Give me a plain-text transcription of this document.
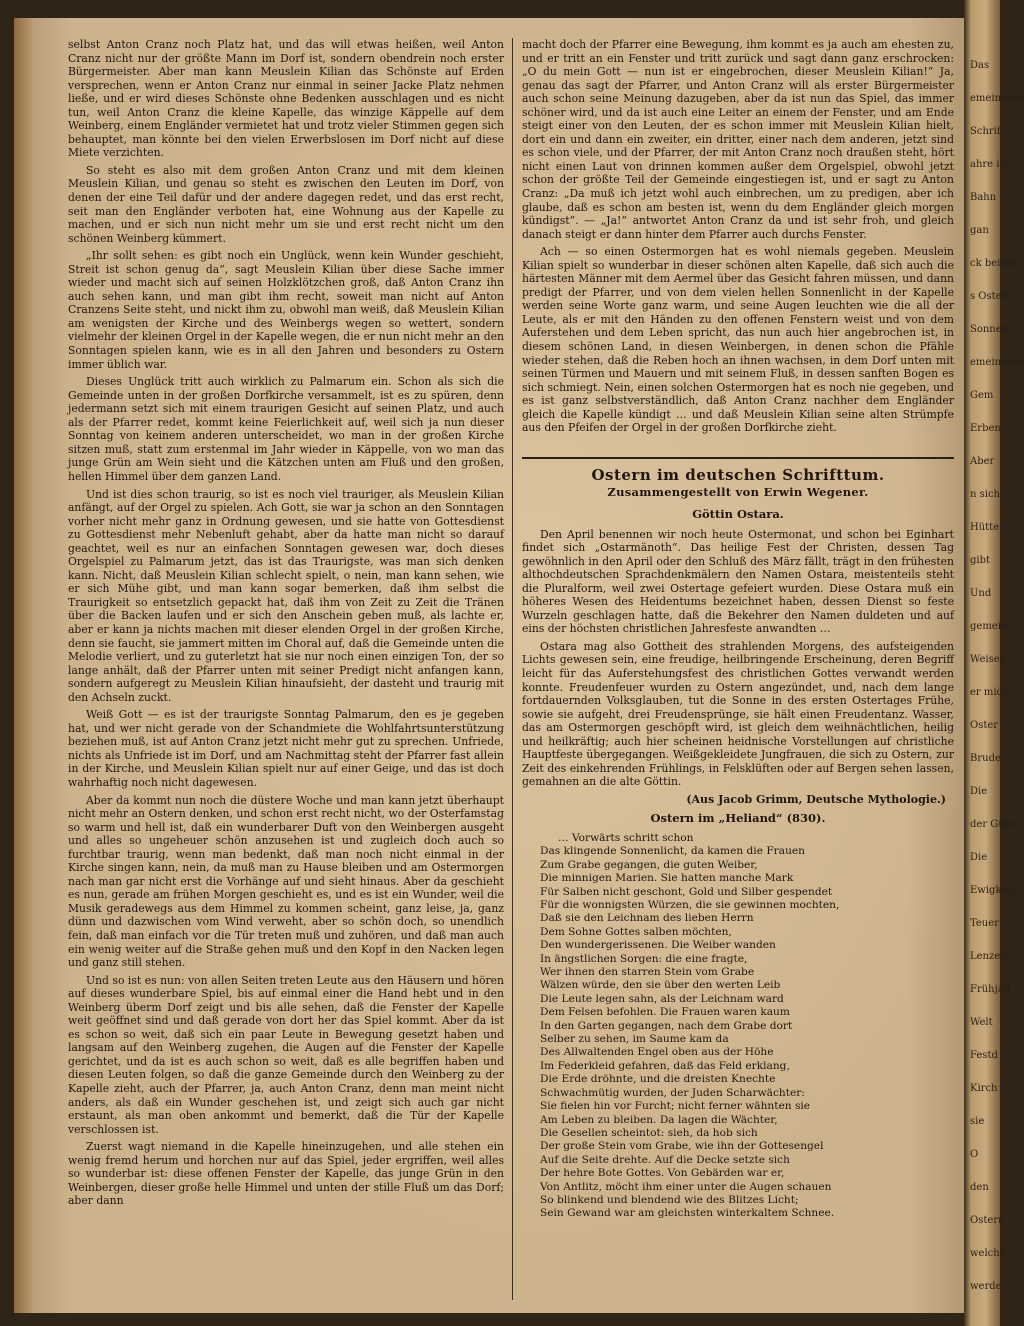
selbst Anton Cranz noch Platz hat, und das will etwas heißen, weil Anton Cranz nicht nur der größte Mann im Dorf ist, sondern obendrein noch erster Bürgermeister. Aber man kann Meuslein Kilian das Schönste auf Erden versprechen, wenn er Anton Cranz nur einmal in seiner Jacke Platz nehmen ließe, und er wird dieses Schönste ohne Bedenken ausschlagen und es nicht tun, weil Anton Cranz die kleine Kapelle, das winzige Käppelle auf dem Weinberg, einem Engländer vermietet hat und trotz vieler Stimmen gegen sich behauptet, man könnte bei den vielen Erwerbslosen im Dorf nicht auf diese Miete verzichten.

So steht es also mit dem großen Anton Cranz und mit dem kleinen Meuslein Kilian, und genau so steht es zwischen den Leuten im Dorf, von denen der eine Teil dafür und der andere dagegen redet, und das erst recht, seit man den Engländer verboten hat, eine Wohnung aus der Kapelle zu machen, und er sich nun nicht mehr um sie und erst recht nicht um den schönen Weinberg kümmert.

„Ihr sollt sehen: es gibt noch ein Unglück, wenn kein Wunder geschieht, Streit ist schon genug da“, sagt Meuslein Kilian über diese Sache immer wieder und macht sich auf seinen Holzklötzchen groß, daß Anton Cranz ihn auch sehen kann, und man gibt ihm recht, soweit man nicht auf Anton Cranzens Seite steht, und nickt ihm zu, obwohl man weiß, daß Meuslein Kilian am wenigsten der Kirche und des Weinbergs wegen so wettert, sondern vielmehr der kleinen Orgel in der Kapelle wegen, die er nun nicht mehr an den Sonntagen spielen kann, wie es in all den Jahren und besonders zu Ostern immer üblich war.

Dieses Unglück tritt auch wirklich zu Palmarum ein. Schon als sich die Gemeinde unten in der großen Dorfkirche versammelt, ist es zu spüren, denn jedermann setzt sich mit einem traurigen Gesicht auf seinen Platz, und auch als der Pfarrer redet, kommt keine Feierlichkeit auf, weil sich ja nun dieser Sonntag von keinem anderen unterscheidet, wo man in der großen Kirche sitzen muß, statt zum erstenmal im Jahr wieder in Käppelle, von wo man das junge Grün am Wein sieht und die Kätzchen unten am Fluß und den großen, hellen Himmel über dem ganzen Land.

Und ist dies schon traurig, so ist es noch viel trauriger, als Meuslein Kilian anfängt, auf der Orgel zu spielen. Ach Gott, sie war ja schon an den Sonntagen vorher nicht mehr ganz in Ordnung gewesen, und sie hatte von Gottesdienst zu Gottesdienst mehr Nebenluft gehabt, aber da hatte man nicht so darauf geachtet, weil es nur an einfachen Sonntagen gewesen war, doch dieses Orgelspiel zu Palmarum jetzt, das ist das Traurigste, was man sich denken kann. Nicht, daß Meuslein Kilian schlecht spielt, o nein, man kann sehen, wie er sich Mühe gibt, und man kann sogar bemerken, daß ihm selbst die Traurigkeit so entsetzlich gepackt hat, daß ihm von Zeit zu Zeit die Tränen über die Backen laufen und er sich den Anschein geben muß, als lachte er, aber er kann ja nichts machen mit dieser elenden Orgel in der großen Kirche, denn sie faucht, sie jammert mitten im Choral auf, daß die Gemeinde unten die Melodie verliert, und zu guterletzt hat sie nur noch einen einzigen Ton, der so lange anhält, daß der Pfarrer unten mit seiner Predigt nicht anfangen kann, sondern aufgeregt zu Meuslein Kilian hinaufsieht, der dasteht und traurig mit den Achseln zuckt.

Weiß Gott — es ist der traurigste Sonntag Palmarum, den es je gegeben hat, und wer nicht gerade von der Schandmiete die Wohlfahrtsunterstützung beziehen muß, ist auf Anton Cranz jetzt nicht mehr gut zu sprechen. Unfriede, nichts als Unfriede ist im Dorf, und am Nachmittag steht der Pfarrer fast allein in der Kirche, und Meuslein Kilian spielt nur auf einer Geige, und das ist doch wahrhaftig noch nicht dagewesen.

Aber da kommt nun noch die düstere Woche und man kann jetzt überhaupt nicht mehr an Ostern denken, und schon erst recht nicht, wo der Osterfamstag so warm und hell ist, daß ein wunderbarer Duft von den Weinbergen ausgeht und alles so ungeheuer schön anzusehen ist und zugleich doch auch so furchtbar traurig, wenn man bedenkt, daß man noch nicht einmal in der Kirche singen kann, nein, da muß man zu Hause bleiben und am Ostermorgen nach man gar nicht erst die Vorhänge auf und sieht hinaus. Aber da geschieht es nun, gerade am frühen Morgen geschieht es, und es ist ein Wunder, weil die Musik geradewegs aus dem Himmel zu kommen scheint, ganz leise, ja, ganz dünn und dazwischen vom Wind verweht, aber so schön doch, so unendlich fein, daß man einfach vor die Tür treten muß und zuhören, und daß man auch ein wenig weiter auf die Straße gehen muß und den Kopf in den Nacken legen und ganz still stehen.

Und so ist es nun: von allen Seiten treten Leute aus den Häusern und hören auf dieses wunderbare Spiel, bis auf einmal einer die Hand hebt und in den Weinberg überm Dorf zeigt und bis alle sehen, daß die Fenster der Kapelle weit geöffnet sind und daß gerade von dort her das Spiel kommt. Aber da ist es schon so weit, daß sich ein paar Leute in Bewegung gesetzt haben und langsam auf den Weinberg zugehen, die Augen auf die Fenster der Kapelle gerichtet, und da ist es auch schon so weit, daß es alle begriffen haben und diesen Leuten folgen, so daß die ganze Gemeinde durch den Weinberg zu der Kapelle zieht, auch der Pfarrer, ja, auch Anton Cranz, denn man meint nicht anders, als daß ein Wunder geschehen ist, und zeigt sich auch gar nicht erstaunt, als man oben ankommt und bemerkt, daß die Tür der Kapelle verschlossen ist.

Zuerst wagt niemand in die Kapelle hineinzugehen, und alle stehen ein wenig fremd herum und horchen nur auf das Spiel, jeder ergriffen, weil alles so wunderbar ist: diese offenen Fenster der Kapelle, das junge Grün in den Weinbergen, dieser große helle Himmel und unten der stille Fluß um das Dorf; aber dann

macht doch der Pfarrer eine Bewegung, ihm kommt es ja auch am ehesten zu, und er tritt an ein Fenster und tritt zurück und sagt dann ganz erschrocken: „O du mein Gott — nun ist er eingebrochen, dieser Meuslein Kilian!“ Ja, genau das sagt der Pfarrer, und Anton Cranz will als erster Bürgermeister auch schon seine Meinung dazugeben, aber da ist nun das Spiel, das immer schöner wird, und da ist auch eine Leiter an einem der Fenster, und am Ende steigt einer von den Leuten, der es schon immer mit Meuslein Kilian hielt, dort ein und dann ein zweiter, ein dritter, einer nach dem anderen, jetzt sind es schon viele, und der Pfarrer, der mit Anton Cranz noch draußen steht, hört nicht einen Laut von drinnen kommen außer dem Orgelspiel, obwohl jetzt schon der größte Teil der Gemeinde eingestiegen ist, und er sagt zu Anton Cranz: „Da muß ich jetzt wohl auch einbrechen, um zu predigen, aber ich glaube, daß es schon am besten ist, wenn du dem Engländer gleich morgen kündigst“. — „Ja!“ antwortet Anton Cranz da und ist sehr froh, und gleich danach steigt er dann hinter dem Pfarrer auch durchs Fenster.

Ach — so einen Ostermorgen hat es wohl niemals gegeben. Meuslein Kilian spielt so wunderbar in dieser schönen alten Kapelle, daß sich auch die härtesten Männer mit dem Aermel über das Gesicht fahren müssen, und dann predigt der Pfarrer, und von dem vielen hellen Sonnenlicht in der Kapelle werden seine Worte ganz warm, und seine Augen leuchten wie die all der Leute, als er mit den Händen zu den offenen Fenstern weist und von dem Auferstehen und dem Leben spricht, das nun auch hier angebrochen ist, in diesem schönen Land, in diesen Weinbergen, in denen schon die Pfähle wieder stehen, daß die Reben hoch an ihnen wachsen, in dem Dorf unten mit seinen Türmen und Mauern und mit seinem Fluß, in dessen sanften Bogen es sich schmiegt. Nein, einen solchen Ostermorgen hat es noch nie gegeben, und es ist ganz selbstverständlich, daß Anton Cranz nachher dem Engländer gleich die Kapelle kündigt … und daß Meuslein Kilian seine alten Strümpfe aus den Pfeifen der Orgel in der großen Dorfkirche zieht.

Ostern im deutschen Schrifttum.
Zusammengestellt von Erwin Wegener.
Göttin Ostara.

Den April benennen wir noch heute Ostermonat, und schon bei Eginhart findet sich „Ostarmänoth“. Das heilige Fest der Christen, dessen Tag gewöhnlich in den April oder den Schluß des März fällt, trägt in den frühesten althochdeutschen Sprachdenkmälern den Namen Ostara, meistenteils steht die Pluralform, weil zwei Ostertage gefeiert wurden. Diese Ostara muß ein höheres Wesen des Heidentums bezeichnet haben, dessen Dienst so feste Wurzeln geschlagen hatte, daß die Bekehrer den Namen duldeten und auf eins der höchsten christlichen Jahresfeste anwandten …

Ostara mag also Gottheit des strahlenden Morgens, des aufsteigenden Lichts gewesen sein, eine freudige, heilbringende Erscheinung, deren Begriff leicht für das Auferstehungsfest des christlichen Gottes verwandt werden konnte. Freudenfeuer wurden zu Ostern angezündet, und, nach dem lange fortdauernden Volksglauben, tut die Sonne in des ersten Ostertages Frühe, sowie sie aufgeht, drei Freudensprünge, sie hält einen Freudentanz. Wasser, das am Ostermorgen geschöpft wird, ist gleich dem weihnächtlichen, heilig und heilkräftig; auch hier scheinen heidnische Vorstellungen auf christliche Hauptfeste übergegangen. Weißgekleidete Jungfrauen, die sich zu Ostern, zur Zeit des einkehrenden Frühlings, in Felsklüften oder auf Bergen sehen lassen, gemahnen an die alte Göttin.

(Aus Jacob Grimm, Deutsche Mythologie.)
Ostern im „Heliand“ (830).
… Vorwärts schritt schon
Das klingende Sonnenlicht, da kamen die Frauen
Zum Grabe gegangen, die guten Weiber,
Die minnigen Marien. Sie hatten manche Mark
Für Salben nicht geschont, Gold und Silber gespendet
Für die wonnigsten Würzen, die sie gewinnen mochten,
Daß sie den Leichnam des lieben Herrn
Dem Sohne Gottes salben möchten,
Den wundergerissenen. Die Weiber wanden
In ängstlichen Sorgen: die eine fragte,
Wer ihnen den starren Stein vom Grabe
Wälzen würde, den sie über den werten Leib
Die Leute legen sahn, als der Leichnam ward
Dem Felsen befohlen. Die Frauen waren kaum
In den Garten gegangen, nach dem Grabe dort
Selber zu sehen, im Saume kam da
Des Allwaltenden Engel oben aus der Höhe
Im Federkleid gefahren, daß das Feld erklang,
Die Erde dröhnte, und die dreisten Knechte
Schwachmütig wurden, der Juden Scharwächter:
Sie fielen hin vor Furcht; nicht ferner wähnten sie
Am Leben zu bleiben. Da lagen die Wächter,
Die Gesellen scheintot: sieh, da hob sich
Der große Stein vom Grabe, wie ihn der Gottesengel
Auf die Seite drehte. Auf die Decke setzte sich
Der hehre Bote Gottes. Von Gebärden war er,
Von Antlitz, möcht ihm einer unter die Augen schauen
So blinkend und blendend wie des Blitzes Licht;
Sein Gewand war am gleichsten winterkaltem Schnee.
Das
emeindeso
Schrift
ahre ist
Bahn
gan
ck beider
s Ostern
Sonnenl
emeindese
Gem
Erben,
Aber
n sich
Hütte
gibt
Und
gemein
Weiser
er mich
Oster
Bruder
Die
der Güte
Die
Ewigkeit
Teuer
Lenzen
Frühjah
Welt
Festd
Kirch
sie
O
den
Ostern
welche
werde
